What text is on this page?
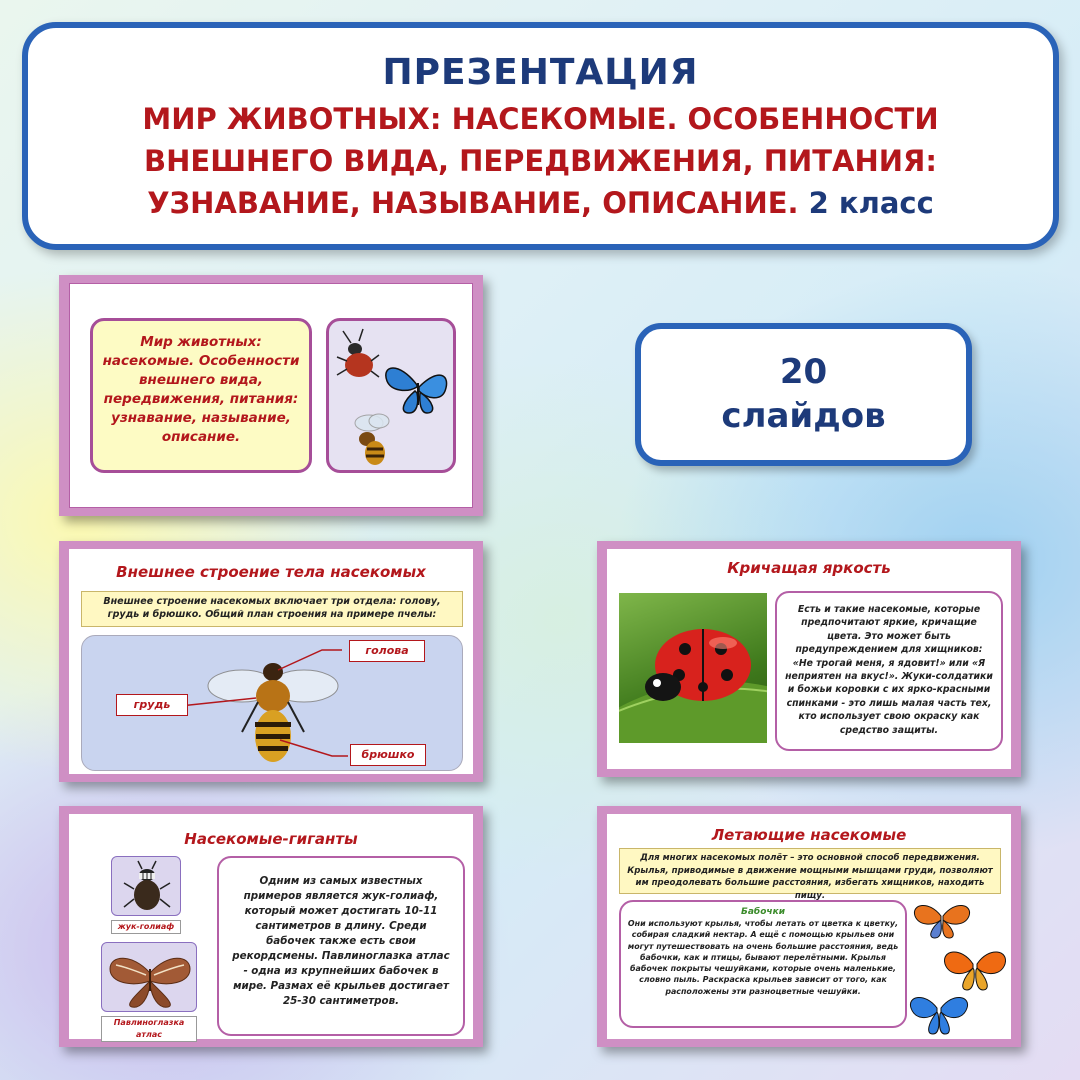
ПРЕЗЕНТАЦИЯ
МИР ЖИВОТНЫХ: НАСЕКОМЫЕ. ОСОБЕННОСТИ ВНЕШНЕГО ВИДА, ПЕРЕДВИЖЕНИЯ, ПИТАНИЯ: УЗНАВАНИЕ, НАЗЫВАНИЕ, ОПИСАНИЕ. 2 класс
20
слайдов
Мир животных: насекомые. Особенности внешнего вида, передвижения, питания: узнавание, называние, описание.
Внешнее строение тела насекомых
Внешнее строение насекомых включает три отдела: голову, грудь и брюшко. Общий план строения на примере пчелы:
голова
грудь
брюшко
Кричащая яркость
Есть и такие насекомые, которые предпочитают яркие, кричащие цвета. Это может быть предупреждением для хищников: «Не трогай меня, я ядовит!» или «Я неприятен на вкус!». Жуки-солдатики и божьи коровки с их ярко-красными спинками - это лишь малая часть тех, кто использует свою окраску как средство защиты.
Насекомые-гиганты
жук-голиаф
Павлиноглазка атлас
Одним из самых известных примеров является жук-голиаф, который может достигать 10-11 сантиметров в длину. Среди бабочек также есть свои рекордсмены. Павлиноглазка атлас - одна из крупнейших бабочек в мире. Размах её крыльев достигает 25-30 сантиметров.
Летающие насекомые
Для многих насекомых полёт – это основной способ передвижения. Крылья, приводимые в движение мощными мышцами груди, позволяют им преодолевать большие расстояния, избегать хищников, находить пищу.
Бабочки
Они используют крылья, чтобы летать от цветка к цветку, собирая сладкий нектар. А ещё с помощью крыльев они могут путешествовать на очень большие расстояния, ведь бабочки, как и птицы, бывают перелётными. Крылья бабочек покрыты чешуйками, которые очень маленькие, словно пыль. Раскраска крыльев зависит от того, как расположены эти разноцветные чешуйки.
